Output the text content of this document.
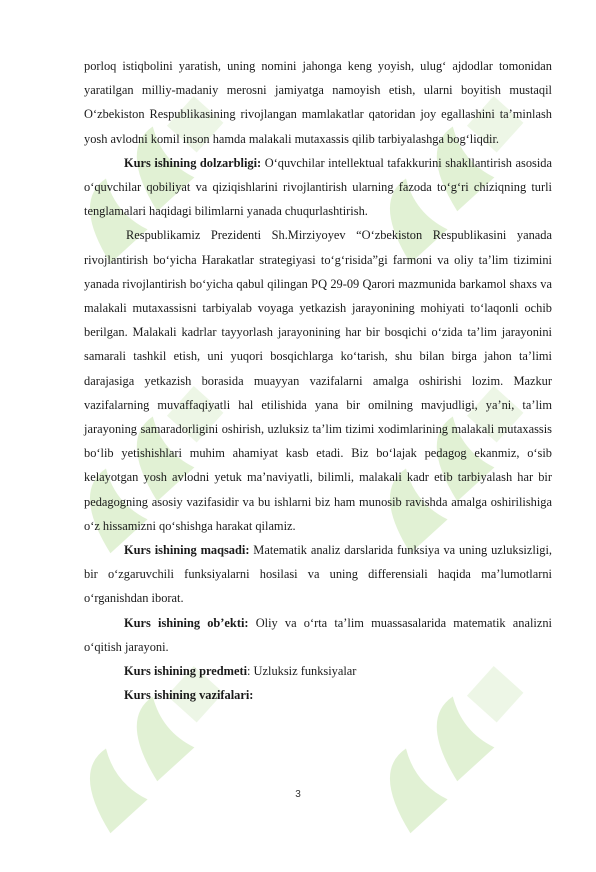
porloq istiqbolini yaratish, uning nomini jahonga keng yoyish, ulug‘ ajdodlar tomonidan yaratilgan milliy-madaniy merosni jamiyatga namoyish etish, ularni boyitish mustaqil O‘zbekiston Respublikasining rivojlangan mamlakatlar qatoridan joy egallashini ta’minlash yosh avlodni komil inson hamda malakali mutaxassis qilib tarbiyalashga bog‘liqdir.

Kurs ishining dolzarbligi: O‘quvchilar intellektual tafakkurini shakllantirish asosida o‘quvchilar qobiliyat va qiziqishlarini rivojlantirish ularning fazoda to‘g‘ri chiziqning turli tenglamalari haqidagi bilimlarni yanada chuqurlashtirish.

Respublikamiz Prezidenti Sh.Mirziyoyev “O‘zbekiston Respublikasini yanada rivojlantirish bo‘yicha Harakatlar strategiyasi to‘g‘risida”gi farmoni va oliy ta’lim tizimini yanada rivojlantirish bo‘yicha qabul qilingan PQ 29-09 Qarori mazmunida barkamol shaxs va malakali mutaxassisni tarbiyalab voyaga yetkazish jarayonining mohiyati to‘laqonli ochib berilgan. Malakali kadrlar tayyorlash jarayonining har bir bosqichi o‘zida ta’lim jarayonini samarali tashkil etish, uni yuqori bosqichlarga ko‘tarish, shu bilan birga jahon ta’limi darajasiga yetkazish borasida muayyan vazifalarni amalga oshirishi lozim. Mazkur vazifalarning muvaffaqiyatli hal etilishida yana bir omilning mavjudligi, ya’ni, ta’lim jarayoning samaradorligini oshirish, uzluksiz ta’lim tizimi xodimlarining malakali mutaxassis bo‘lib yetishishlari muhim ahamiyat kasb etadi. Biz bo‘lajak pedagog ekanmiz, o‘sib kelayotgan yosh avlodni yetuk ma’naviyatli, bilimli, malakali kadr etib tarbiyalash har bir pedagogning asosiy vazifasidir va bu ishlarni biz ham munosib ravishda amalga oshirilishiga o‘z hissamizni qo‘shishga harakat qilamiz.

Kurs ishining maqsadi: Matematik analiz darslarida funksiya va uning uzluksizligi, bir o‘zgaruvchili funksiyalarni hosilasi va uning differensiali haqida ma’lumotlarni o‘rganishdan iborat.

Kurs ishining ob’ekti: Oliy va o‘rta ta’lim muassasalarida matematik analizni o‘qitish jarayoni.

Kurs ishining predmeti: Uzluksiz funksiyalar

Kurs ishining vazifalari:

3
